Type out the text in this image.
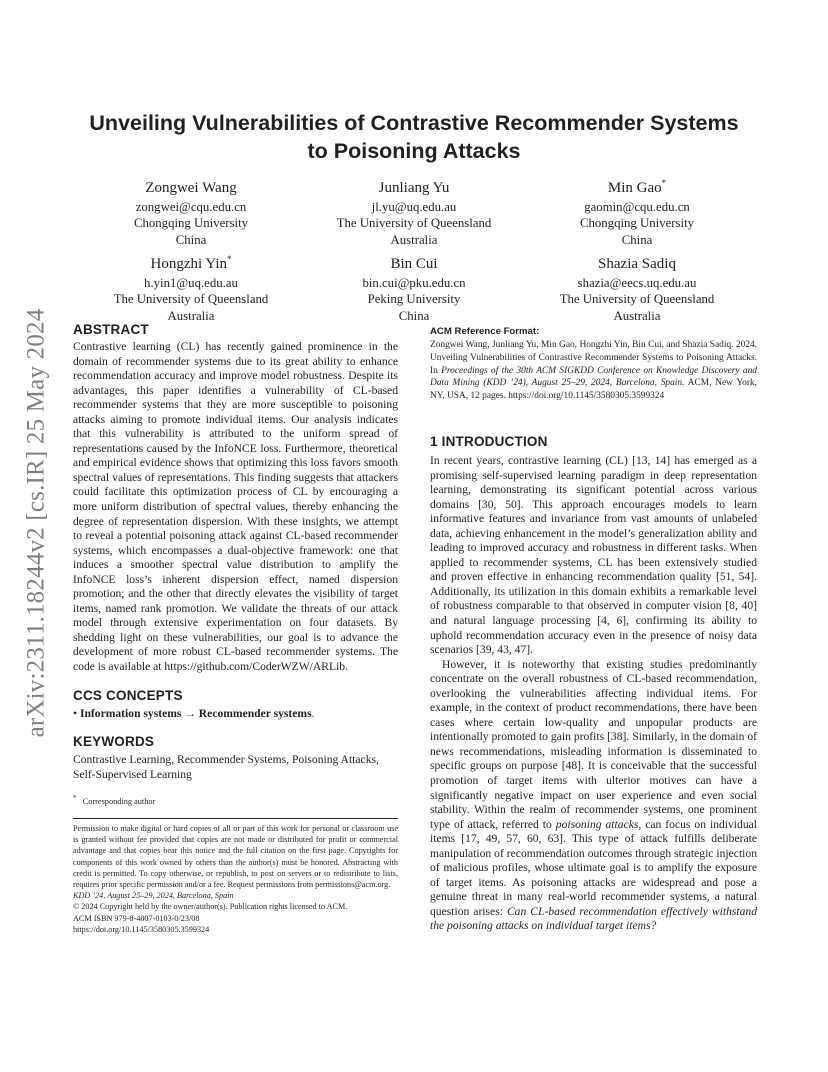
arXiv:2311.18244v2 [cs.IR] 25 May 2024
Unveiling Vulnerabilities of Contrastive Recommender Systems
to Poisoning Attacks
Zongwei Wang
zongwei@cqu.edu.cn
Chongqing University
China
Junliang Yu
jl.yu@uq.edu.au
The University of Queensland
Australia
Min Gao*
gaomin@cqu.edu.cn
Chongqing University
China
Hongzhi Yin*
h.yin1@uq.edu.au
The University of Queensland
Australia
Bin Cui
bin.cui@pku.edu.cn
Peking University
China
Shazia Sadiq
shazia@eecs.uq.edu.au
The University of Queensland
Australia
ABSTRACT

Contrastive learning (CL) has recently gained prominence in the domain of recommender systems due to its great ability to enhance recommendation accuracy and improve model robustness. Despite its advantages, this paper identifies a vulnerability of CL-based recommender systems that they are more susceptible to poisoning attacks aiming to promote individual items. Our analysis indicates that this vulnerability is attributed to the uniform spread of representations caused by the InfoNCE loss. Furthermore, theoretical and empirical evidence shows that optimizing this loss favors smooth spectral values of representations. This finding suggests that attackers could facilitate this optimization process of CL by encouraging a more uniform distribution of spectral values, thereby enhancing the degree of representation dispersion. With these insights, we attempt to reveal a potential poisoning attack against CL-based recommender systems, which encompasses a dual-objective framework: one that induces a smoother spectral value distribution to amplify the InfoNCE loss’s inherent dispersion effect, named dispersion promotion; and the other that directly elevates the visibility of target items, named rank promotion. We validate the threats of our attack model through extensive experimentation on four datasets. By shedding light on these vulnerabilities, our goal is to advance the development of more robust CL-based recommender systems. The code is available at https://github.com/CoderWZW/ARLib.

CCS CONCEPTS

• Information systems → Recommender systems.

KEYWORDS

Contrastive Learning, Recommender Systems, Poisoning Attacks, Self-Supervised Learning

* Corresponding author

Permission to make digital or hard copies of all or part of this work for personal or classroom use is granted without fee provided that copies are not made or distributed for profit or commercial advantage and that copies bear this notice and the full citation on the first page. Copyrights for components of this work owned by others than the author(s) must be honored. Abstracting with credit is permitted. To copy otherwise, or republish, to post on servers or to redistribute to lists, requires prior specific permission and/or a fee. Request permissions from permissions@acm.org.

KDD ’24, August 25–29, 2024, Barcelona, Spain

© 2024 Copyright held by the owner/author(s). Publication rights licensed to ACM.

ACM ISBN 979-8-4007-0103-0/23/08

https://doi.org/10.1145/3580305.3599324

ACM Reference Format:

Zongwei Wang, Junliang Yu, Min Gao, Hongzhi Yin, Bin Cui, and Shazia Sadiq. 2024. Unveiling Vulnerabilities of Contrastive Recommender Systems to Poisoning Attacks. In Proceedings of the 30th ACM SIGKDD Conference on Knowledge Discovery and Data Mining (KDD ’24), August 25–29, 2024, Barcelona, Spain. ACM, New York, NY, USA, 12 pages. https://doi.org/10.1145/3580305.3599324

1 INTRODUCTION

In recent years, contrastive learning (CL) [13, 14] has emerged as a promising self-supervised learning paradigm in deep representation learning, demonstrating its significant potential across various domains [30, 50]. This approach encourages models to learn informative features and invariance from vast amounts of unlabeled data, achieving enhancement in the model’s generalization ability and leading to improved accuracy and robustness in different tasks. When applied to recommender systems, CL has been extensively studied and proven effective in enhancing recommendation quality [51, 54]. Additionally, its utilization in this domain exhibits a remarkable level of robustness comparable to that observed in computer vision [8, 40] and natural language processing [4, 6], confirming its ability to uphold recommendation accuracy even in the presence of noisy data scenarios [39, 43, 47].

However, it is noteworthy that existing studies predominantly concentrate on the overall robustness of CL-based recommendation, overlooking the vulnerabilities affecting individual items. For example, in the context of product recommendations, there have been cases where certain low-quality and unpopular products are intentionally promoted to gain profits [38]. Similarly, in the domain of news recommendations, misleading information is disseminated to specific groups on purpose [48]. It is conceivable that the successful promotion of target items with ulterior motives can have a significantly negative impact on user experience and even social stability. Within the realm of recommender systems, one prominent type of attack, referred to poisoning attacks, can focus on individual items [17, 49, 57, 60, 63]. This type of attack fulfills deliberate manipulation of recommendation outcomes through strategic injection of malicious profiles, whose ultimate goal is to amplify the exposure of target items. As poisoning attacks are widespread and pose a genuine threat in many real-world recommender systems, a natural question arises: Can CL-based recommendation effectively withstand the poisoning attacks on individual target items?
